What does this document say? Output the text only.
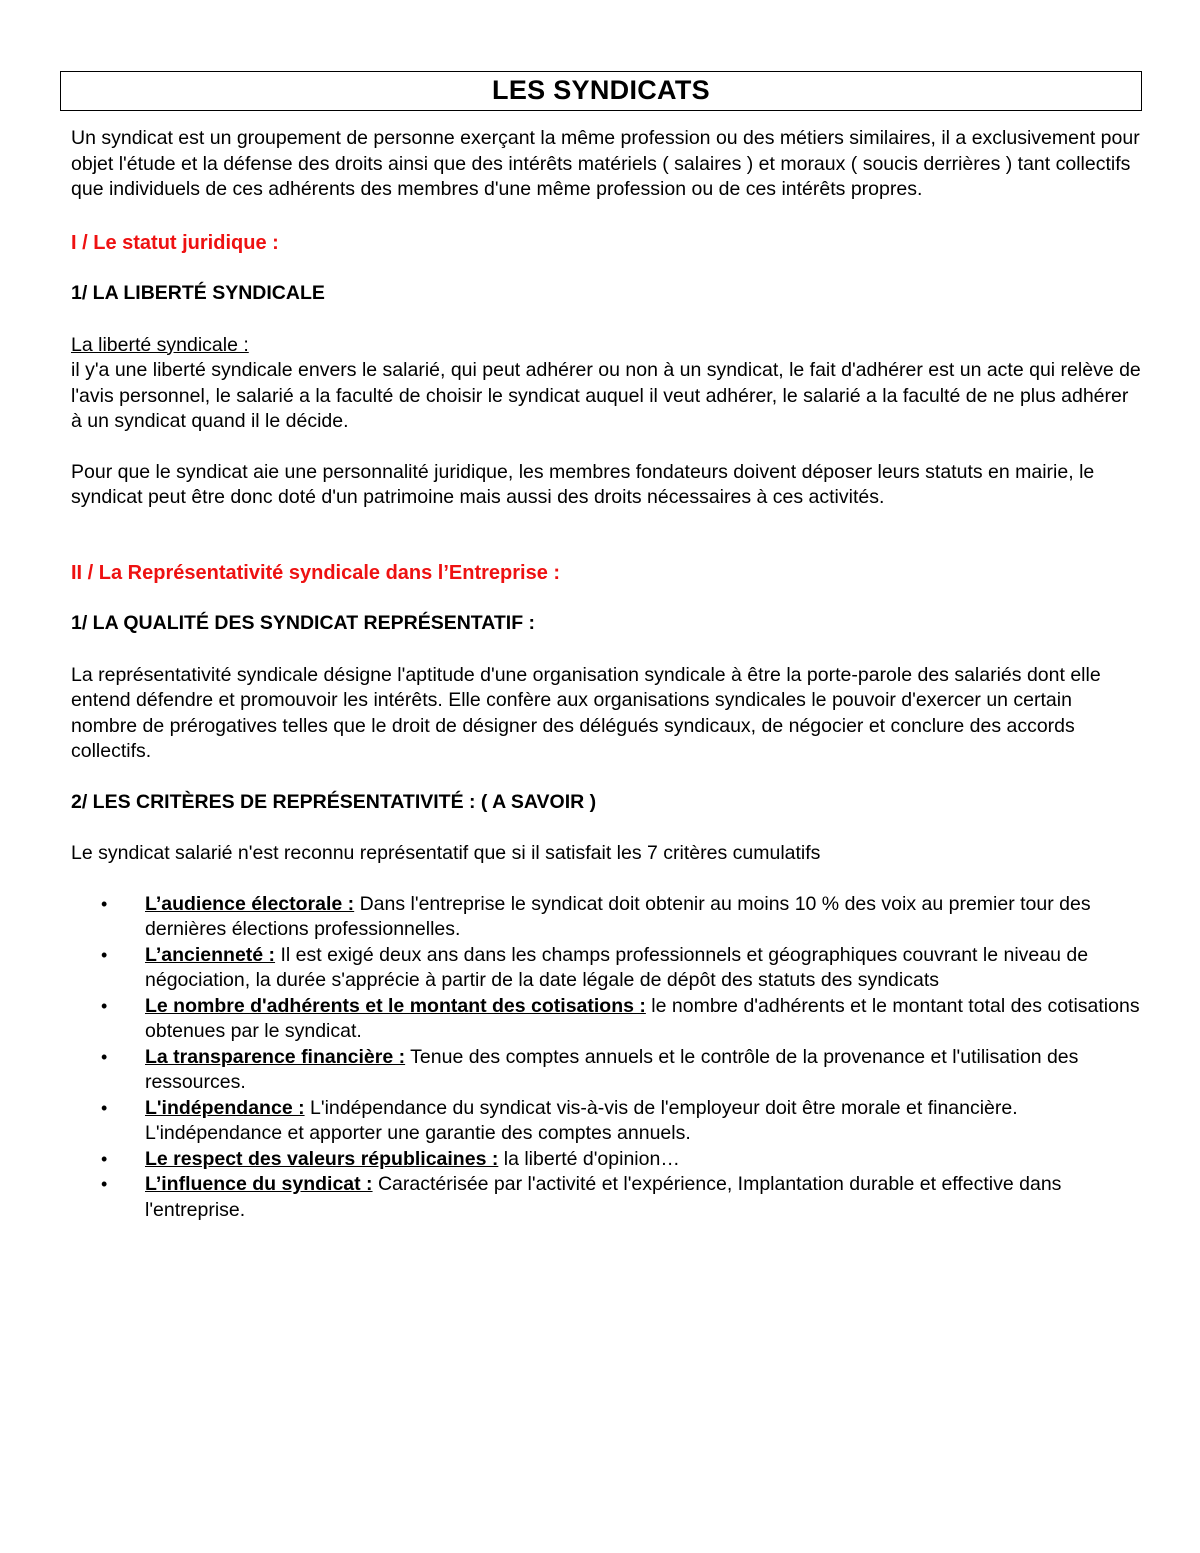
LES SYNDICATS

Un syndicat est un groupement de personne exerçant la même profession ou des métiers similaires, il a exclusivement pour objet l'étude et la défense des droits ainsi que des intérêts matériels ( salaires ) et moraux ( soucis derrières ) tant collectifs que individuels de ces adhérents des membres d'une même profession ou de ces intérêts propres.

I / Le statut juridique :

1/ LA LIBERTÉ SYNDICALE

La liberté syndicale :

il y'a une liberté syndicale envers le salarié, qui peut adhérer ou non à un syndicat, le fait d'adhérer est un acte qui relève de l'avis personnel, le salarié a la faculté de choisir le syndicat auquel il veut adhérer, le salarié a la faculté de ne plus adhérer à un syndicat quand il le décide.

Pour que le syndicat aie une personnalité juridique, les membres fondateurs doivent déposer leurs statuts en mairie, le syndicat peut être donc doté d'un patrimoine mais aussi des droits nécessaires à ces activités.

II / La Représentativité syndicale dans l’Entreprise :

1/ LA QUALITÉ DES SYNDICAT REPRÉSENTATIF :

La représentativité syndicale désigne l'aptitude d'une organisation syndicale à être la porte-parole des salariés dont elle entend défendre et promouvoir les intérêts. Elle confère aux organisations syndicales le pouvoir d'exercer un certain nombre de prérogatives telles que le droit de désigner des délégués syndicaux, de négocier et conclure des accords collectifs.

2/ LES CRITÈRES DE REPRÉSENTATIVITÉ : ( A SAVOIR )

Le syndicat salarié n'est reconnu représentatif que si il satisfait les 7 critères cumulatifs

• L’audience électorale : Dans l'entreprise le syndicat doit obtenir au moins 10 % des voix au premier tour des dernières élections professionnelles.
• L’ancienneté : Il est exigé deux ans dans les champs professionnels et géographiques couvrant le niveau de négociation, la durée s'apprécie à partir de la date légale de dépôt des statuts des syndicats
• Le nombre d'adhérents et le montant des cotisations : le nombre d'adhérents et le montant total des cotisations obtenues par le syndicat.
• La transparence financière : Tenue des comptes annuels et le contrôle de la provenance et l'utilisation des ressources.
• L'indépendance : L'indépendance du syndicat vis-à-vis de l'employeur doit être morale et financière. L'indépendance et apporter une garantie des comptes annuels.
• Le respect des valeurs républicaines : la liberté d'opinion…
• L’influence du syndicat : Caractérisée par l'activité et l'expérience, Implantation durable et effective dans l'entreprise.
